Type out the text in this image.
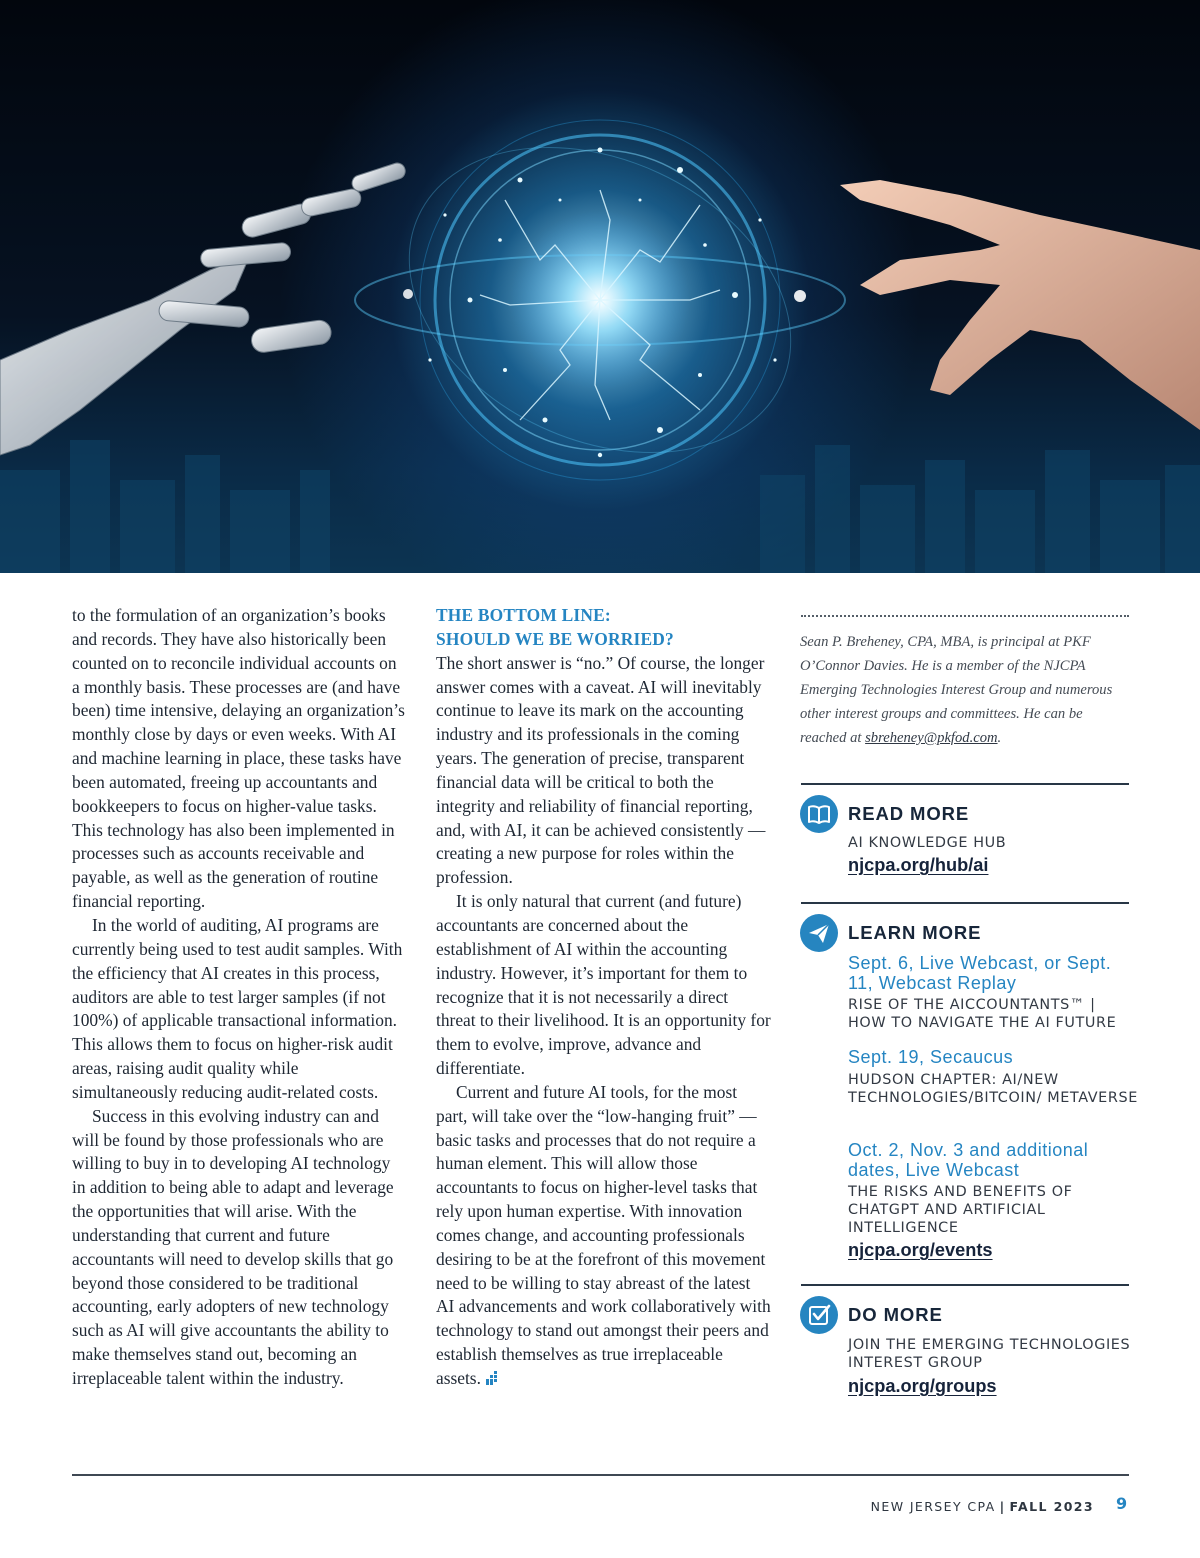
to the formulation of an organization’s books and records. They have also historically been counted on to reconcile individual accounts on a monthly basis. These processes are (and have been) time intensive, delaying an organization’s monthly close by days or even weeks. With AI and machine learning in place, these tasks have been automated, freeing up accountants and bookkeepers to focus on higher-value tasks. This technology has also been implemented in processes such as accounts receivable and payable, as well as the generation of routine financial reporting.

In the world of auditing, AI programs are currently being used to test audit samples. With the efficiency that AI creates in this process, auditors are able to test larger samples (if not 100%) of applicable transactional information. This allows them to focus on higher-risk audit areas, raising audit quality while simultaneously reducing audit-related costs.

Success in this evolving industry can and will be found by those professionals who are willing to buy in to developing AI technology in addition to being able to adapt and leverage the opportunities that will arise. With the understanding that current and future accountants will need to develop skills that go beyond those considered to be traditional accounting, early adopters of new technology such as AI will give accountants the ability to make themselves stand out, becoming an irreplaceable talent within the industry.

THE BOTTOM LINE:
SHOULD WE BE WORRIED?

The short answer is “no.” Of course, the longer answer comes with a caveat. AI will inevitably continue to leave its mark on the accounting industry and its professionals in the coming years. The generation of precise, transparent financial data will be critical to both the integrity and reliability of financial reporting, and, with AI, it can be achieved consistently — creating a new purpose for roles within the profession.

It is only natural that current (and future) accountants are concerned about the establishment of AI within the accounting industry. However, it’s important for them to recognize that it is not necessarily a direct threat to their livelihood. It is an opportunity for them to evolve, improve, advance and differentiate.

Current and future AI tools, for the most part, will take over the “low-hanging fruit” — basic tasks and processes that do not require a human element. This will allow those accountants to focus on higher-level tasks that rely upon human expertise. With innovation comes change, and accounting professionals desiring to be at the forefront of this movement need to be willing to stay abreast of the latest AI advancements and work collaboratively with technology to stand out amongst their peers and establish themselves as true irreplaceable assets.

Sean P. Breheney, CPA, MBA, is principal at PKF O’Connor Davies. He is a member of the NJCPA Emerging Technologies Interest Group and numerous other interest groups and committees. He can be reached at sbreheney@pkfod.com.
READ MORE
AI KNOWLEDGE HUB
njcpa.org/hub/ai
LEARN MORE
Sept. 6, Live Webcast, or Sept. 11, Webcast Replay
RISE OF THE AICCOUNTANTS™ | HOW TO NAVIGATE THE AI FUTURE
Sept. 19, Secaucus
HUDSON CHAPTER: AI/NEW TECHNOLOGIES/BITCOIN/ METAVERSE
Oct. 2, Nov. 3 and additional dates, Live Webcast
THE RISKS AND BENEFITS OF CHATGPT AND ARTIFICIAL INTELLIGENCE
njcpa.org/events
DO MORE
JOIN THE EMERGING TECHNOLOGIES INTEREST GROUP
njcpa.org/groups
NEW JERSEY CPA | FALL 2023 9
